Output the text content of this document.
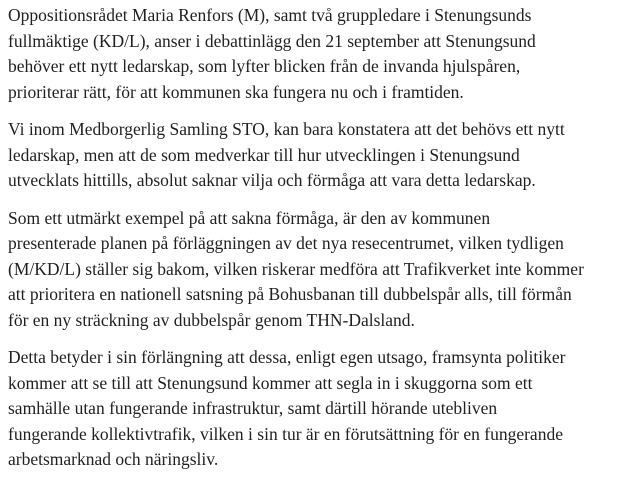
Oppositionsrådet Maria Renfors (M), samt två gruppledare i Stenungsunds
fullmäktige (KD/L), anser i debattinlägg den 21 september att Stenungsund
behöver ett nytt ledarskap, som lyfter blicken från de invanda hjulspåren,
prioriterar rätt, för att kommunen ska fungera nu och i framtiden.

Vi inom Medborgerlig Samling STO, kan bara konstatera att det behövs ett nytt
ledarskap, men att de som medverkar till hur utvecklingen i Stenungsund
utvecklats hittills, absolut saknar vilja och förmåga att vara detta ledarskap.

Som ett utmärkt exempel på att sakna förmåga, är den av kommunen
presenterade planen på förläggningen av det nya resecentrumet, vilken tydligen
(M/KD/L) ställer sig bakom, vilken riskerar medföra att Trafikverket inte kommer
att prioritera en nationell satsning på Bohusbanan till dubbelspår alls, till förmån
för en ny sträckning av dubbelspår genom THN-Dalsland.

Detta betyder i sin förlängning att dessa, enligt egen utsago, framsynta politiker
kommer att se till att Stenungsund kommer att segla in i skuggorna som ett
samhälle utan fungerande infrastruktur, samt därtill hörande utebliven
fungerande kollektivtrafik, vilken i sin tur är en förutsättning för en fungerande
arbetsmarknad och näringsliv.
